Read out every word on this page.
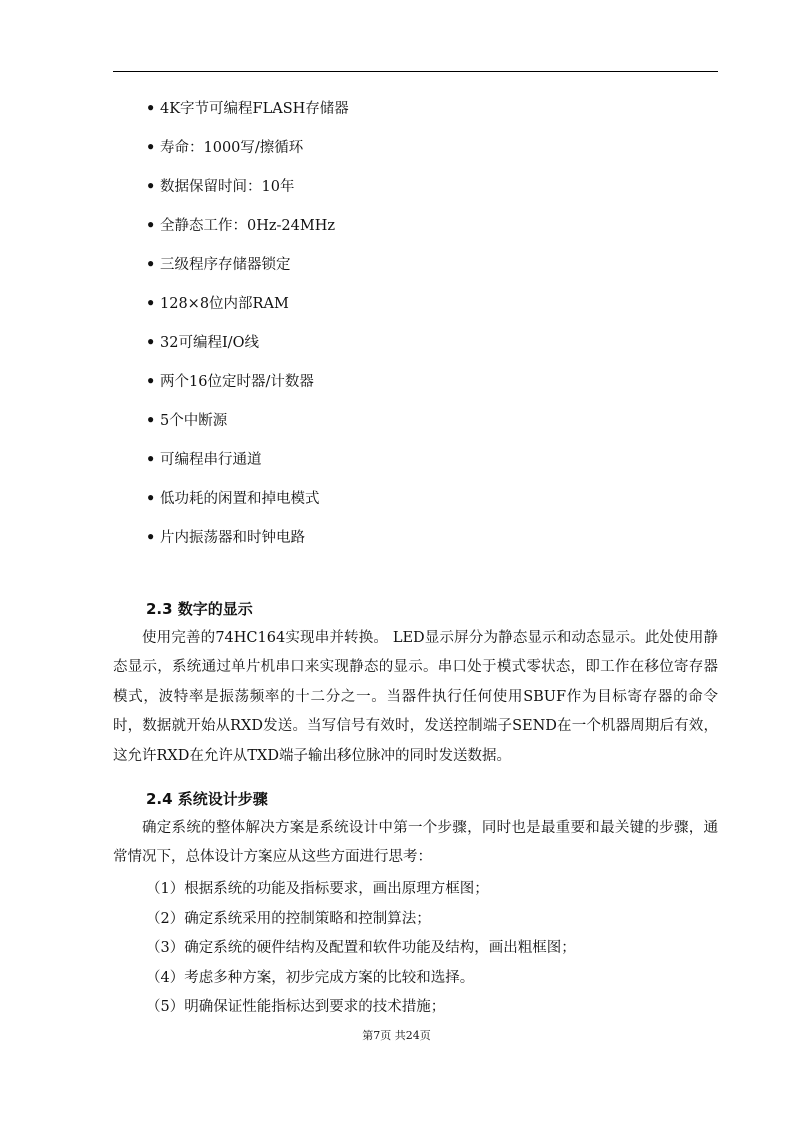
• 4K字节可编程FLASH存储器
• 寿命：1000写/擦循环
• 数据保留时间：10年
• 全静态工作：0Hz-24MHz
• 三级程序存储器锁定
• 128×8位内部RAM
• 32可编程I/O线
• 两个16位定时器/计数器
• 5个中断源
• 可编程串行通道
• 低功耗的闲置和掉电模式
• 片内振荡器和时钟电路
2.3 数字的显示

使用完善的74HC164实现串并转换。 LED显示屏分为静态显示和动态显示。此处使用静态显示，系统通过单片机串口来实现静态的显示。串口处于模式零状态，即工作在移位寄存器模式，波特率是振荡频率的十二分之一。当器件执行任何使用SBUF作为目标寄存器的命令时，数据就开始从RXD发送。当写信号有效时，发送控制端子SEND在一个机器周期后有效，这允许RXD在允许从TXD端子输出移位脉冲的同时发送数据。

2.4 系统设计步骤

确定系统的整体解决方案是系统设计中第一个步骤，同时也是最重要和最关键的步骤，通常情况下，总体设计方案应从这些方面进行思考：

（1）根据系统的功能及指标要求，画出原理方框图；
（2）确定系统采用的控制策略和控制算法；
（3）确定系统的硬件结构及配置和软件功能及结构，画出粗框图；
（4）考虑多种方案，初步完成方案的比较和选择。
（5）明确保证性能指标达到要求的技术措施；
第7页 共24页
